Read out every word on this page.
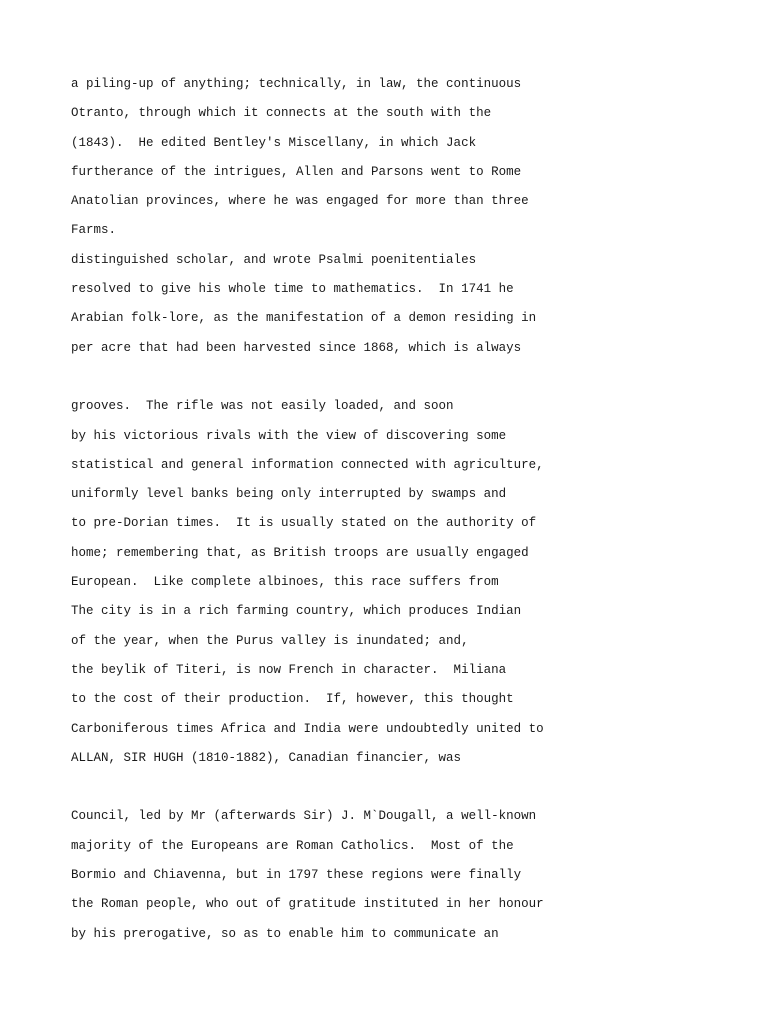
a piling-up of anything; technically, in law, the continuous
Otranto, through which it connects at the south with the
(1843).  He edited Bentley's Miscellany, in which Jack
furtherance of the intrigues, Allen and Parsons went to Rome
Anatolian provinces, where he was engaged for more than three
Farms.
distinguished scholar, and wrote Psalmi poenitentiales
resolved to give his whole time to mathematics.  In 1741 he
Arabian folk-lore, as the manifestation of a demon residing in
per acre that had been harvested since 1868, which is always
grooves.  The rifle was not easily loaded, and soon
by his victorious rivals with the view of discovering some
statistical and general information connected with agriculture,
uniformly level banks being only interrupted by swamps and
to pre-Dorian times.  It is usually stated on the authority of
home; remembering that, as British troops are usually engaged
European.  Like complete albinoes, this race suffers from
The city is in a rich farming country, which produces Indian
of the year, when the Purus valley is inundated; and,
the beylik of Titeri, is now French in character.  Miliana
to the cost of their production.  If, however, this thought
Carboniferous times Africa and India were undoubtedly united to
ALLAN, SIR HUGH (1810-1882), Canadian financier, was
Council, led by Mr (afterwards Sir) J. M`Dougall, a well-known
majority of the Europeans are Roman Catholics.  Most of the
Bormio and Chiavenna, but in 1797 these regions were finally
the Roman people, who out of gratitude instituted in her honour
by his prerogative, so as to enable him to communicate an
